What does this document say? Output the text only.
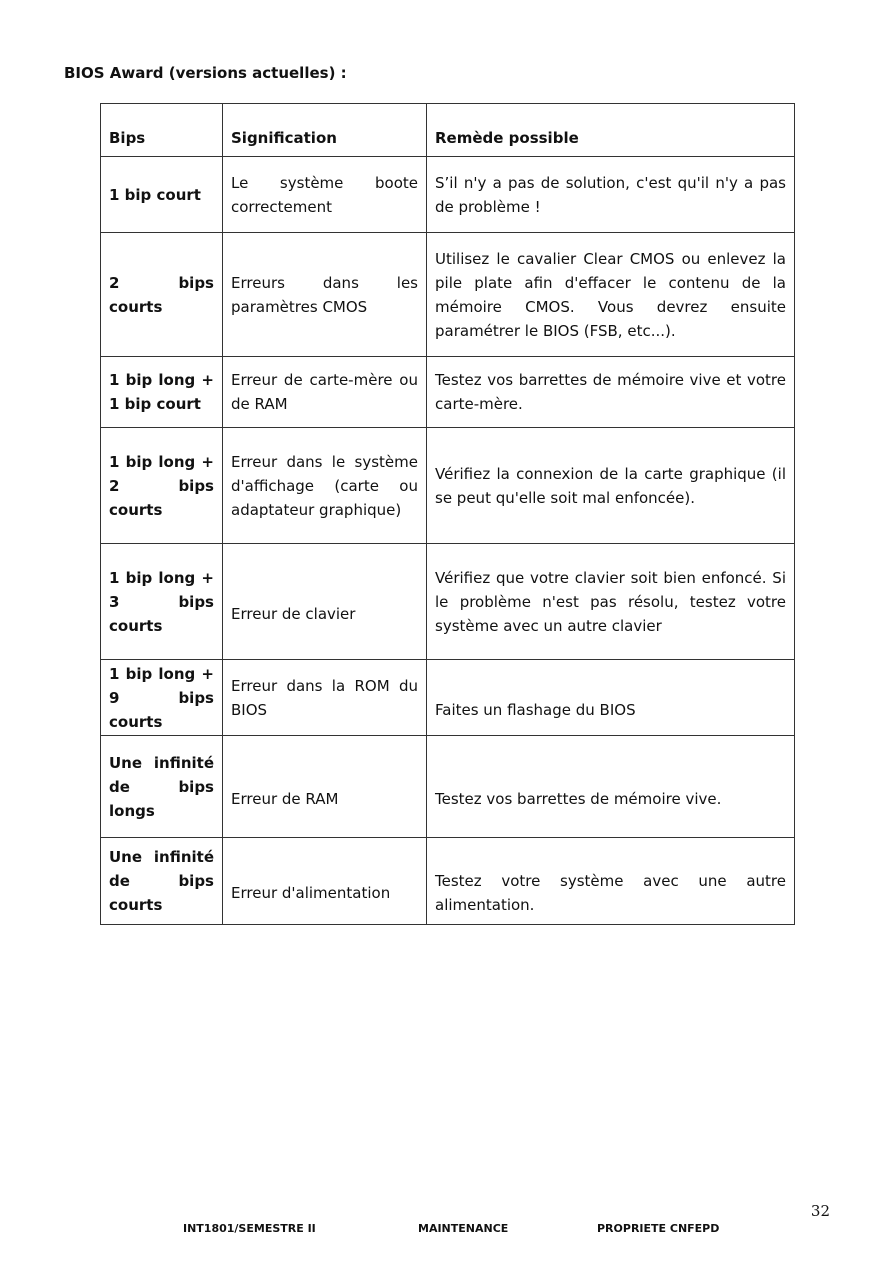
BIOS Award (versions actuelles) :

Bips	Signification	Remède possible
1 bip court	Le système boote correctement	S’il n'y a pas de solution, c'est qu'il n'y a pas de problème !
2 bips courts	Erreurs dans les paramètres CMOS	Utilisez le cavalier Clear CMOS ou enlevez la pile plate afin d'effacer le contenu de la mémoire CMOS. Vous devrez ensuite paramétrer le BIOS (FSB, etc...).
1 bip long + 1 bip court	Erreur de carte-mère ou de RAM	Testez vos barrettes de mémoire vive et votre carte-mère.
1 bip long + 2 bips courts	Erreur dans le système d'affichage (carte ou adaptateur graphique)	Vérifiez la connexion de la carte graphique (il se peut qu'elle soit mal enfoncée).
1 bip long + 3 bips courts	Erreur de clavier	Vérifiez que votre clavier soit bien enfoncé. Si le problème n'est pas résolu, testez votre système avec un autre clavier
1 bip long + 9 bips courts	Erreur dans la ROM du BIOS	Faites un flashage du BIOS
Une infinité de bips longs	Erreur de RAM	Testez vos barrettes de mémoire vive.
Une infinité de bips courts	Erreur d'alimentation	Testez votre système avec une autre alimentation.
32
INT1801/SEMESTRE II	MAINTENANCE	PROPRIETE CNFEPD
